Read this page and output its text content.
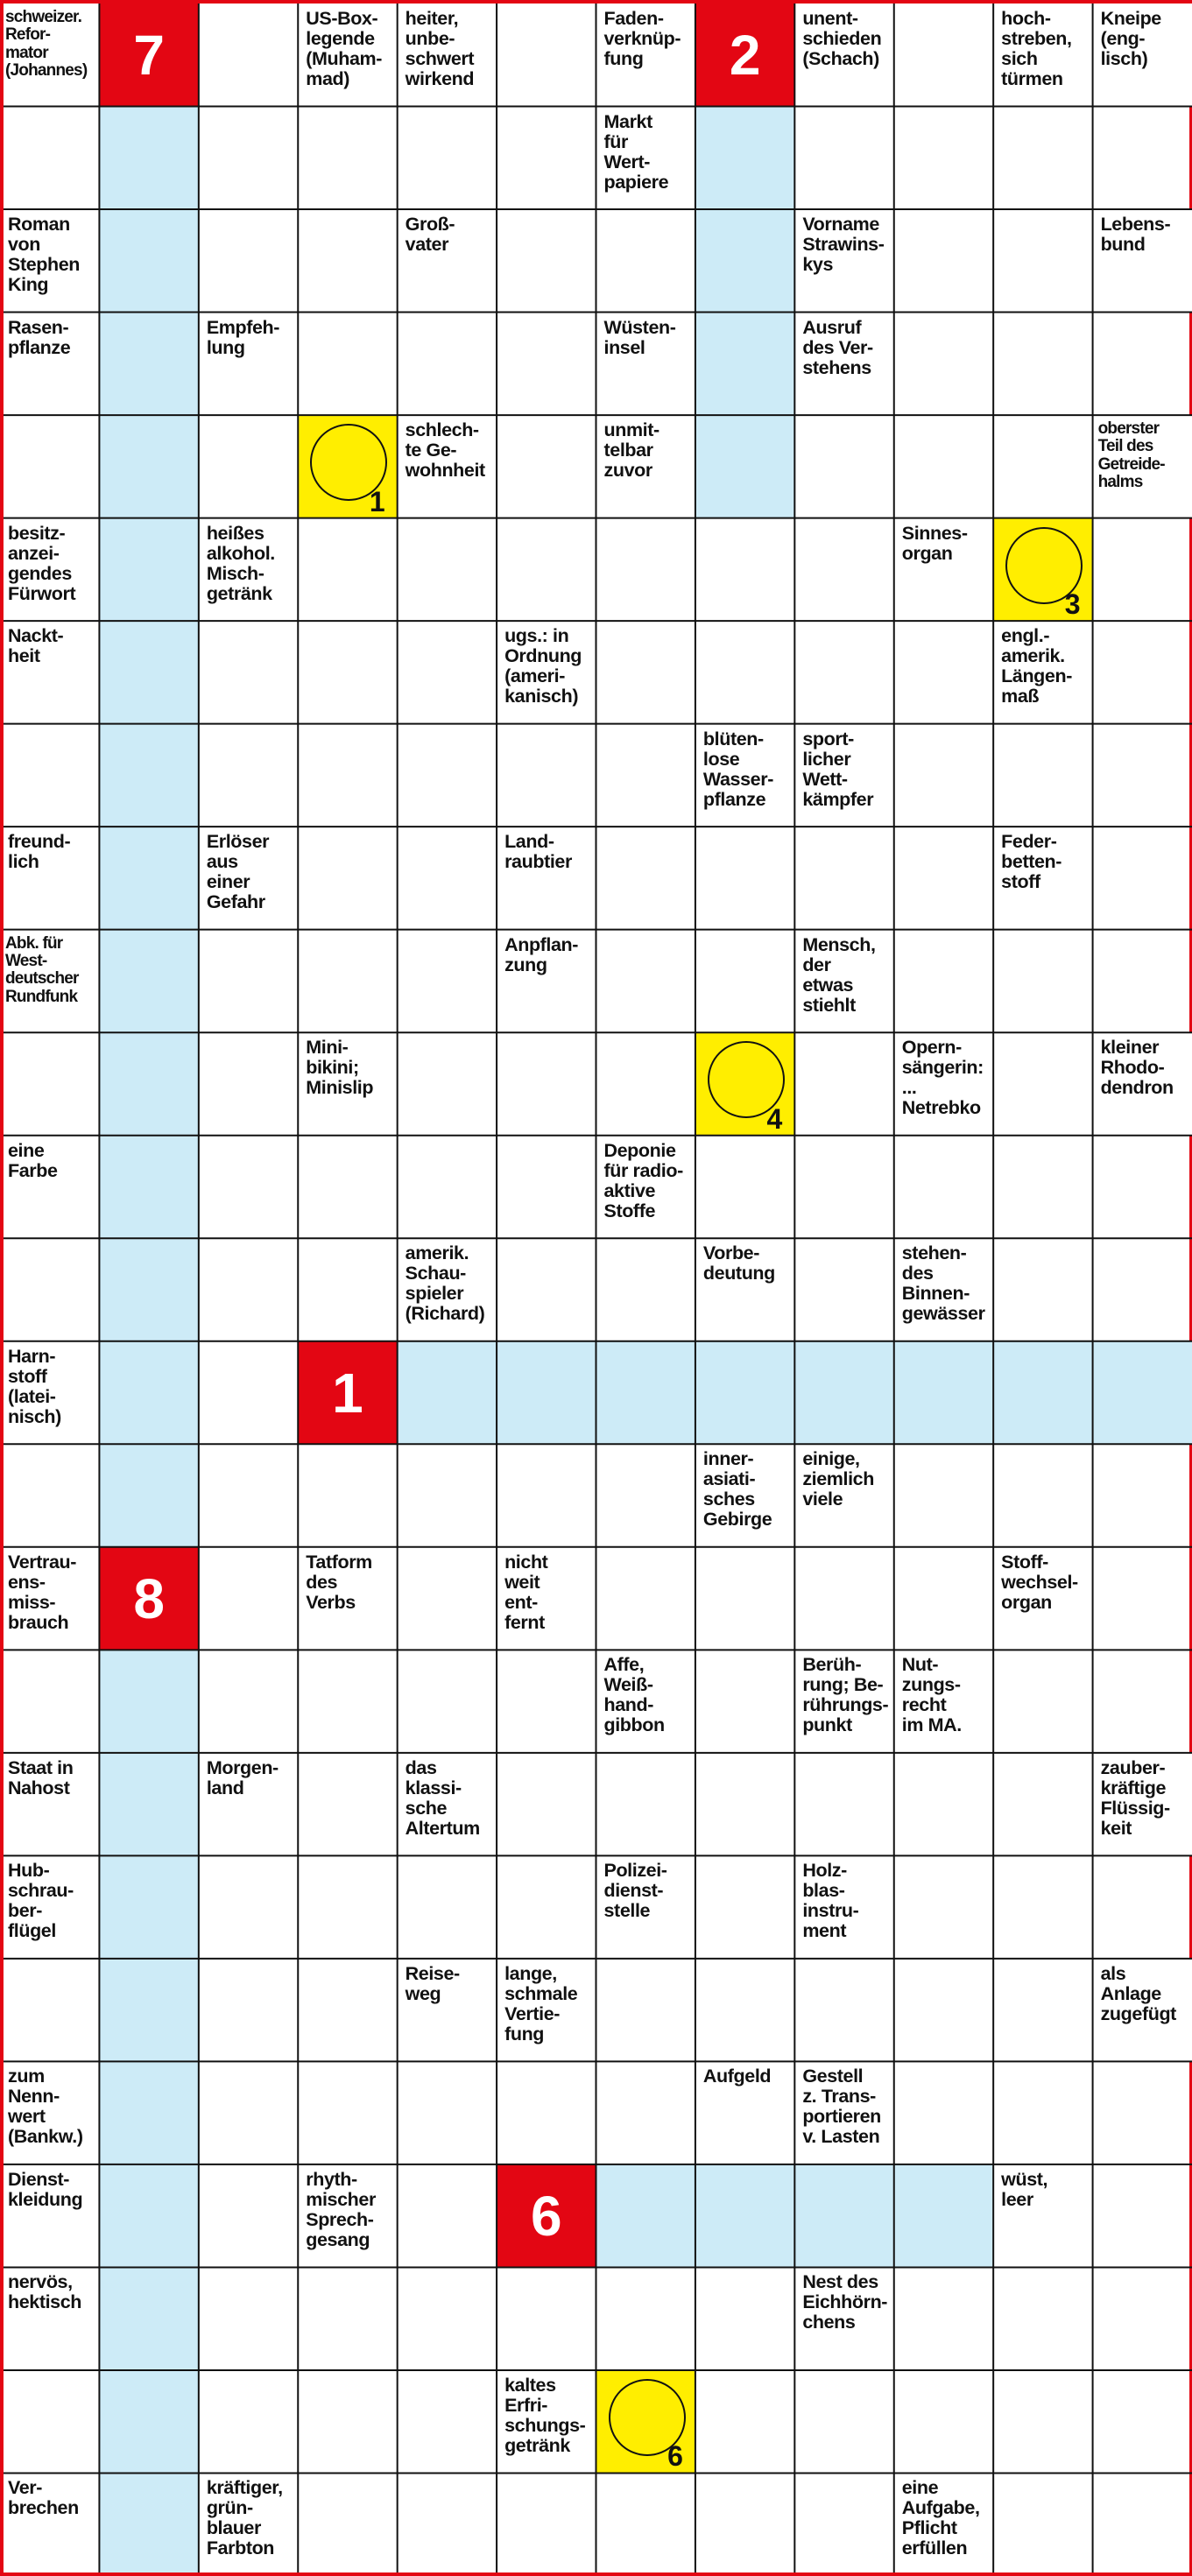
schweizer.
Refor-
mator
(Johannes)
US-Box-
legende
(Muham-
mad)
heiter,
unbe-
schwert
wirkend
Faden-
verknüp-
fung
unent-
schieden
(Schach)
hoch-
streben,
sich
türmen
Kneipe
(eng-
lisch)
Markt
für
Wert-
papiere
Roman
von
Stephen
King
Groß-
vater
Vorname
Strawins-
kys
Lebens-
bund
Rasen-
pflanze
Empfeh-
lung
Wüsten-
insel
Ausruf
des Ver-
stehens
schlech-
te Ge-
wohnheit
unmit-
telbar
zuvor
oberster
Teil des
Getreide-
halms
besitz-
anzei-
gendes
Fürwort
heißes
alkohol.
Misch-
getränk
Sinnes-
organ
Nackt-
heit
ugs.: in
Ordnung
(ameri-
kanisch)
engl.-
amerik.
Längen-
maß
blüten-
lose
Wasser-
pflanze
sport-
licher
Wett-
kämpfer
freund-
lich
Erlöser
aus
einer
Gefahr
Land-
raubtier
Feder-
betten-
stoff
Abk. für
West-
deutscher
Rundfunk
Anpflan-
zung
Mensch,
der
etwas
stiehlt
Mini-
bikini;
Minislip
Opern-
sängerin:
...
Netrebko
kleiner
Rhodo-
dendron
eine
Farbe
Deponie
für radio-
aktive
Stoffe
amerik.
Schau-
spieler
(Richard)
Vorbe-
deutung
stehen-
des
Binnen-
gewässer
Harn-
stoff
(latei-
nisch)
inner-
asiati-
sches
Gebirge
einige,
ziemlich
viele
Vertrau-
ens-
miss-
brauch
Tatform
des
Verbs
nicht
weit
ent-
fernt
Stoff-
wechsel-
organ
Affe,
Weiß-
hand-
gibbon
Berüh-
rung; Be-
rührungs-
punkt
Nut-
zungs-
recht
im MA.
Staat in
Nahost
Morgen-
land
das
klassi-
sche
Altertum
zauber-
kräftige
Flüssig-
keit
Hub-
schrau-
ber-
flügel
Polizei-
dienst-
stelle
Holz-
blas-
instru-
ment
Reise-
weg
lange,
schmale
Vertie-
fung
als
Anlage
zugefügt
zum
Nenn-
wert
(Bankw.)
Aufgeld	Gestell
z. Trans-
portieren
v. Lasten
Dienst-
kleidung
rhyth-
mischer
Sprech-
gesang
wüst,
leer
nervös,
hektisch
Nest des
Eichhörn-
chens
kaltes
Erfri-
schungs-
getränk
Ver-
brechen
kräftiger,
grün-
blauer
Farbton
eine
Aufgabe,
Pflicht
erfüllen
7	2
1
8
6
1
3
4
6
